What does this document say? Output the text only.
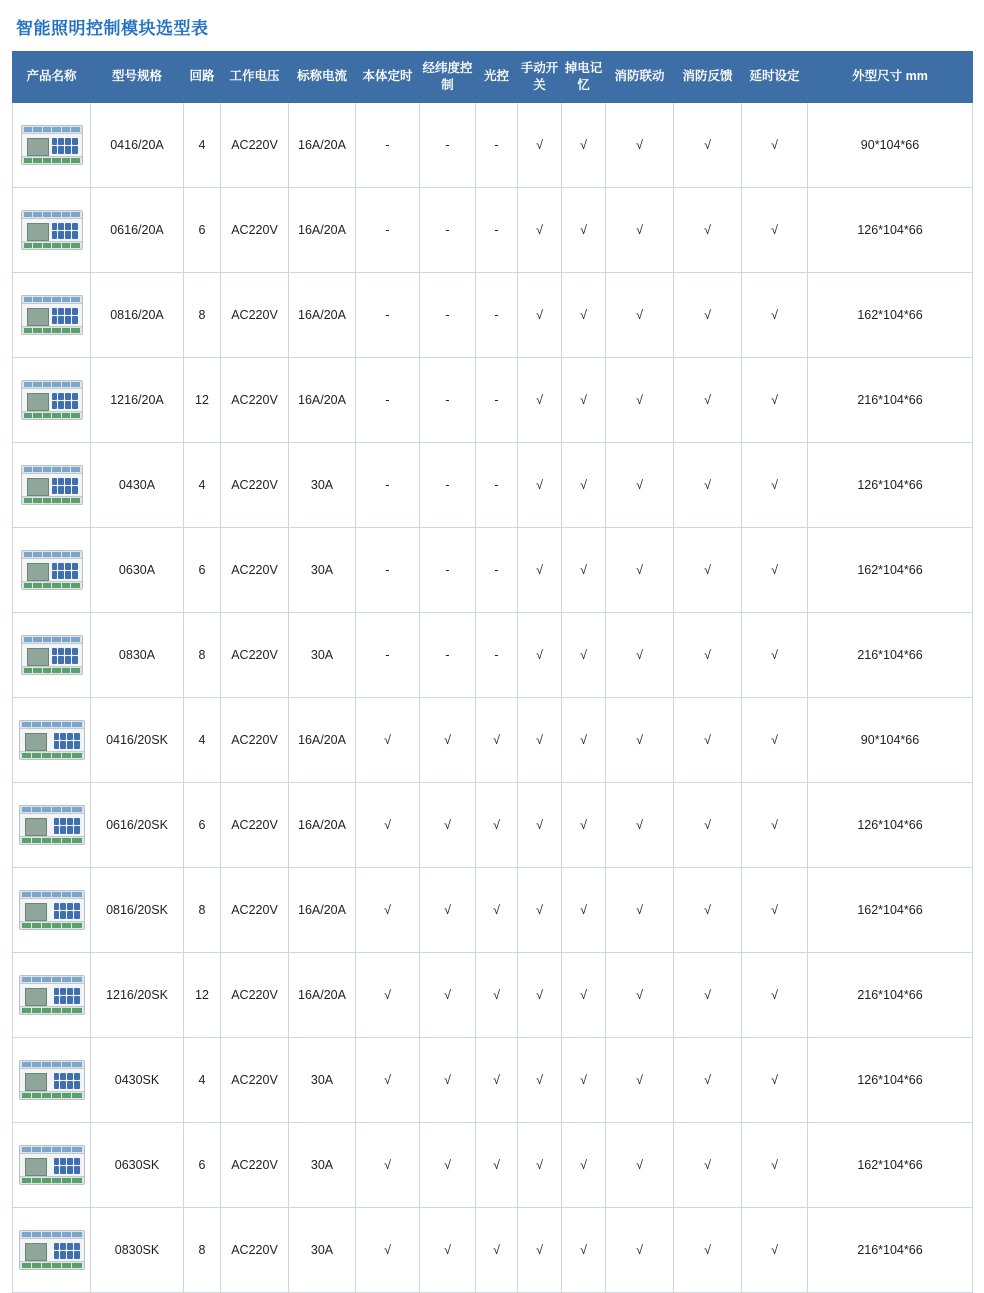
智能照明控制模块选型表
产品名称	型号规格	回路	工作电压	标称电流	本体定时	经纬度控制	光控	手动开关	掉电记忆	消防联动	消防反馈	延时设定	外型尺寸 mm

	0416/20A	4	AC220V	16A/20A	-	-	-	√	√	√	√	√	90*104*66

	0616/20A	6	AC220V	16A/20A	-	-	-	√	√	√	√	√	126*104*66

	0816/20A	8	AC220V	16A/20A	-	-	-	√	√	√	√	√	162*104*66

	1216/20A	12	AC220V	16A/20A	-	-	-	√	√	√	√	√	216*104*66

	0430A	4	AC220V	30A	-	-	-	√	√	√	√	√	126*104*66

	0630A	6	AC220V	30A	-	-	-	√	√	√	√	√	162*104*66

	0830A	8	AC220V	30A	-	-	-	√	√	√	√	√	216*104*66

	0416/20SK	4	AC220V	16A/20A	√	√	√	√	√	√	√	√	90*104*66

	0616/20SK	6	AC220V	16A/20A	√	√	√	√	√	√	√	√	126*104*66

	0816/20SK	8	AC220V	16A/20A	√	√	√	√	√	√	√	√	162*104*66

	1216/20SK	12	AC220V	16A/20A	√	√	√	√	√	√	√	√	216*104*66

	0430SK	4	AC220V	30A	√	√	√	√	√	√	√	√	126*104*66

	0630SK	6	AC220V	30A	√	√	√	√	√	√	√	√	162*104*66

	0830SK	8	AC220V	30A	√	√	√	√	√	√	√	√	216*104*66
